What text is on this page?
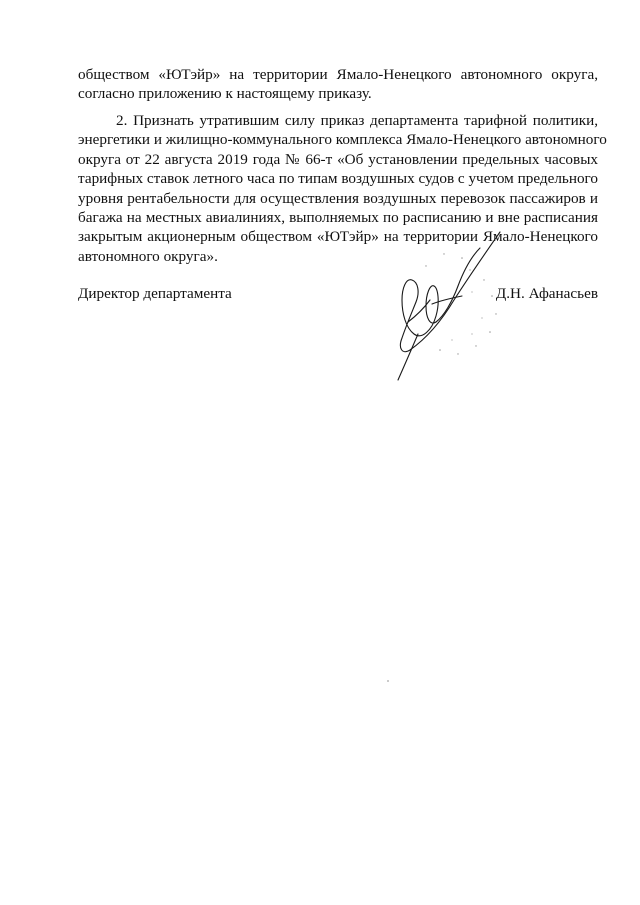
обществом «ЮТэйр» на территории Ямало-Ненецкого автономного округа,
согласно приложению к настоящему приказу.
2. Признать утратившим силу приказ департамента тарифной политики,
энергетики и жилищно-коммунального комплекса Ямало-Ненецкого автономного
округа от 22 августа 2019 года № 66-т «Об установлении предельных часовых
тарифных ставок летного часа по типам воздушных судов с учетом предельного
уровня рентабельности для осуществления воздушных перевозок пассажиров и
багажа на местных авиалиниях, выполняемых по расписанию и вне расписания
закрытым акционерным обществом «ЮТэйр» на территории Ямало-Ненецкого
автономного округа».
Директор департамента	Д.Н. Афанасьев
